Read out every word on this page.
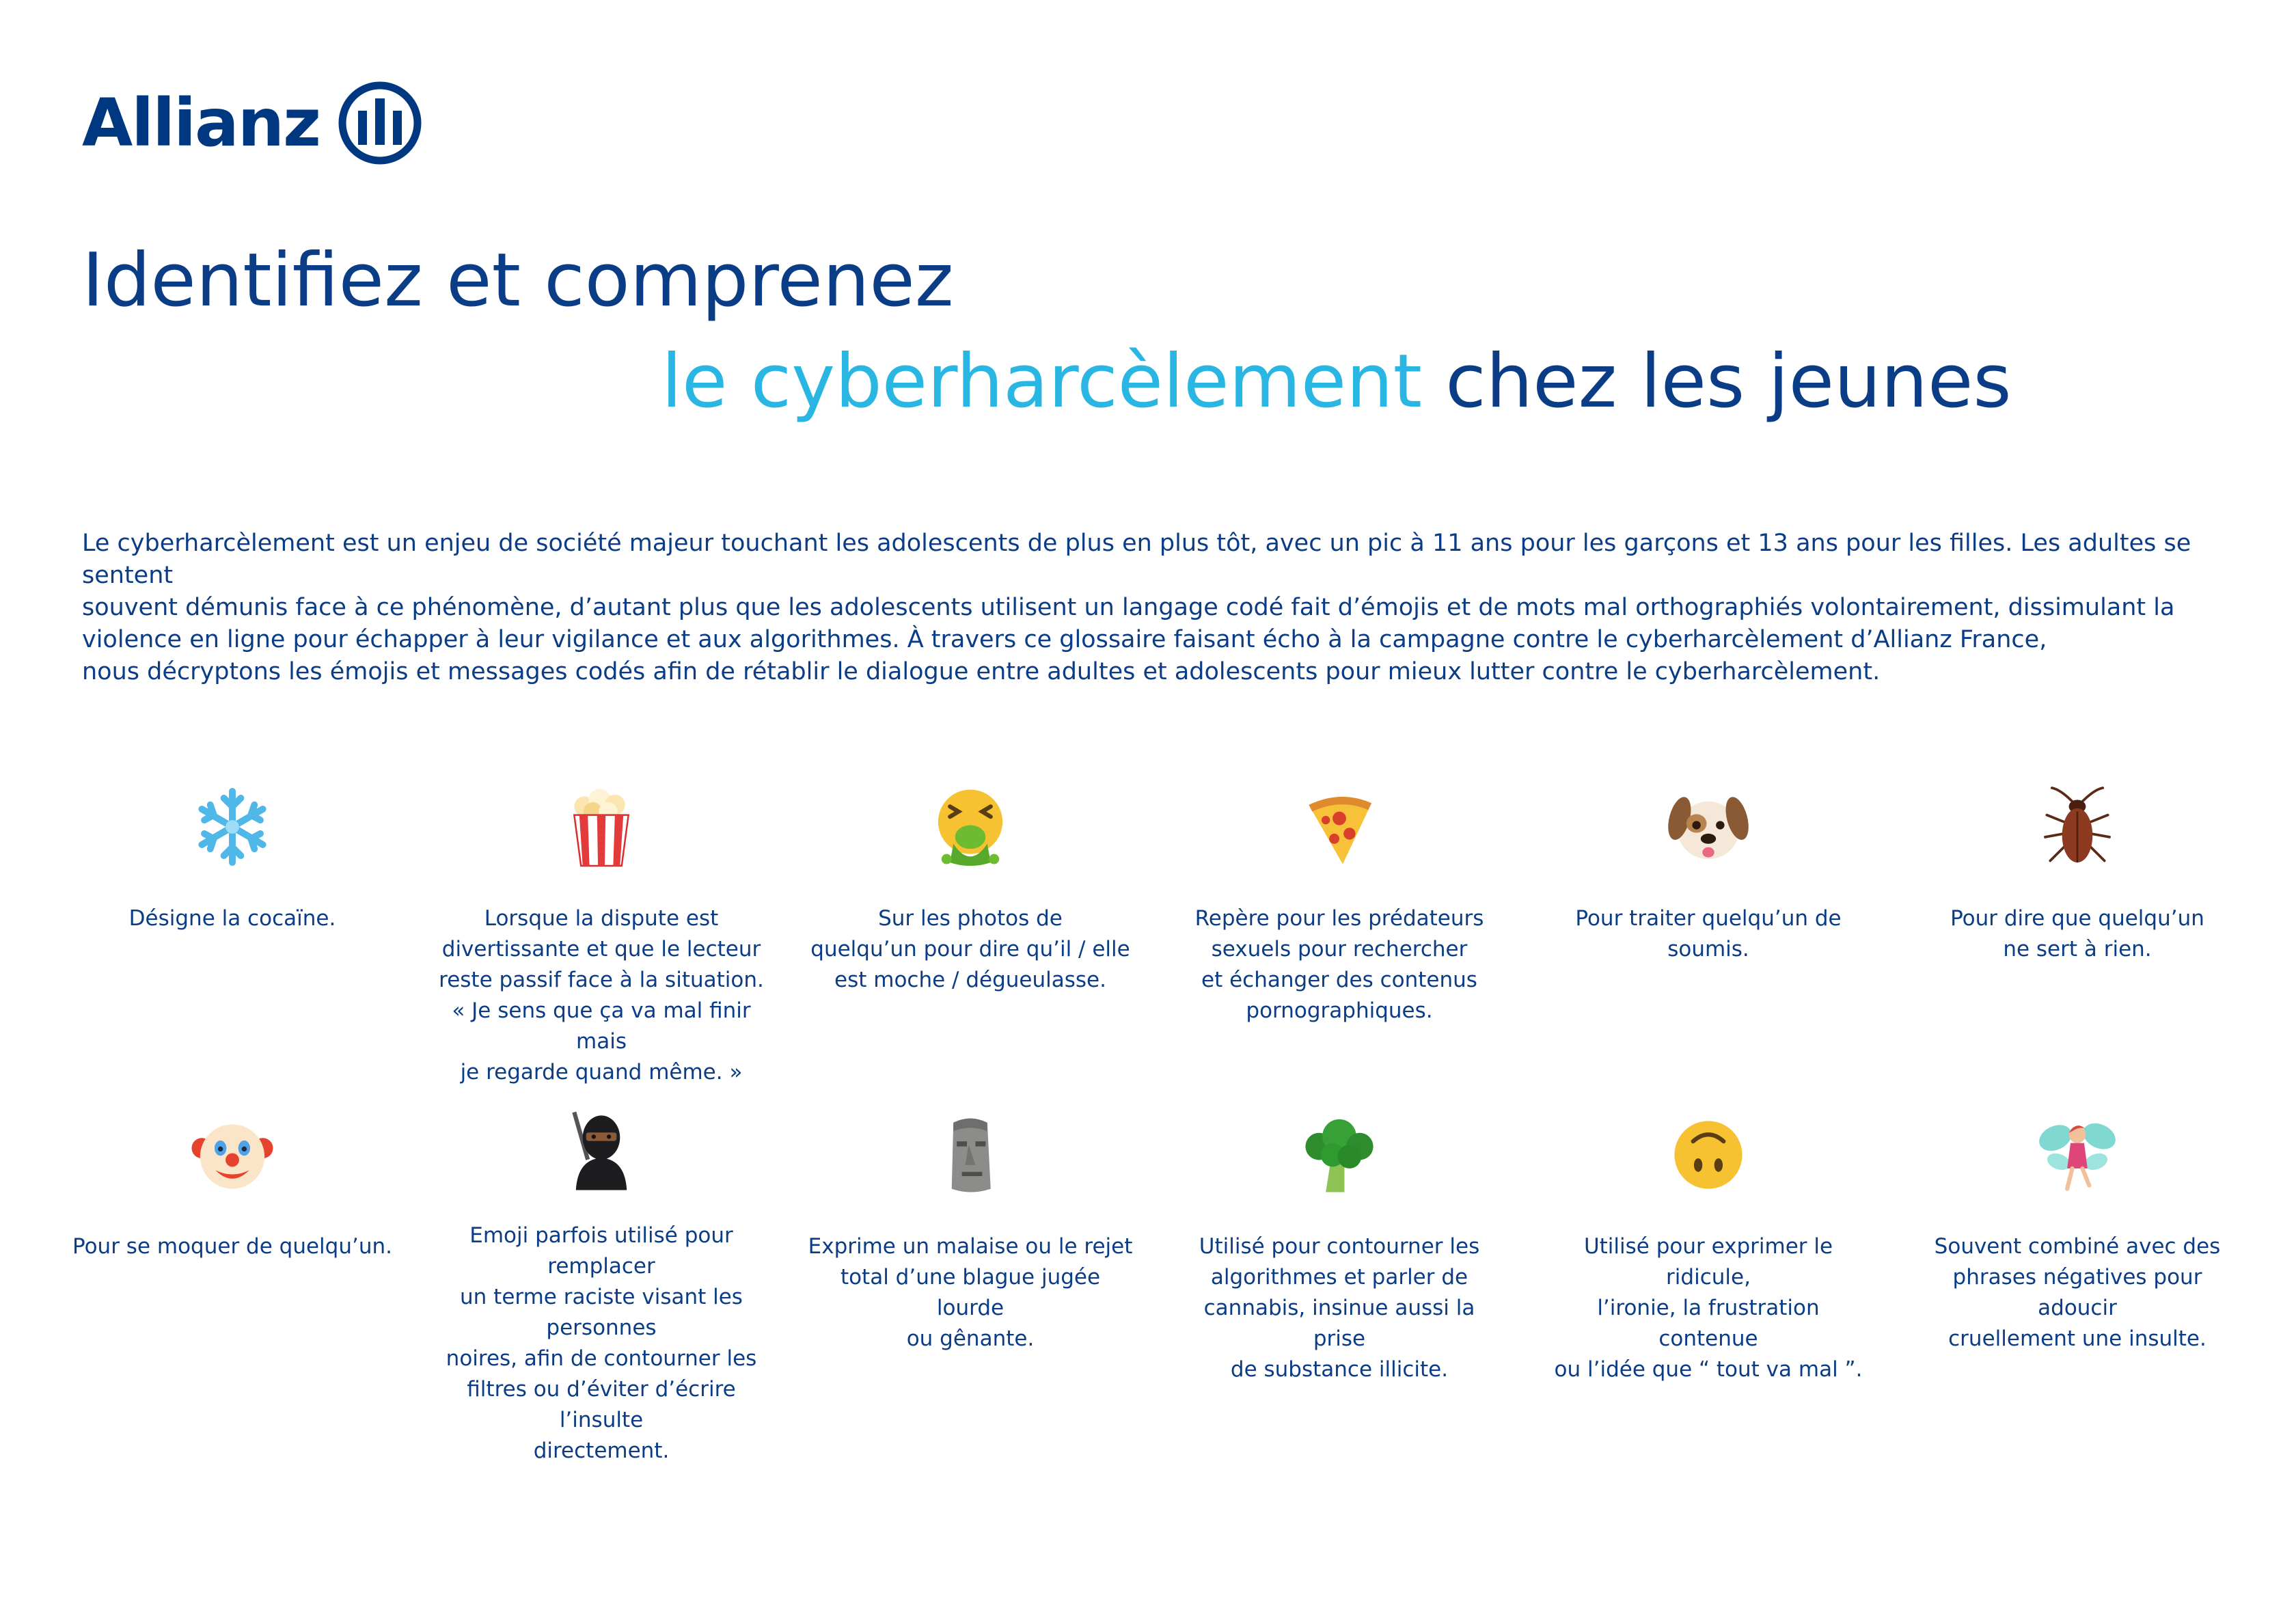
Allianz
Identifiez et comprenez
le cyberharcèlement chez les jeunes

Le cyberharcèlement est un enjeu de société majeur touchant les adolescents de plus en plus tôt, avec un pic à 11 ans pour les garçons et 13 ans pour les filles. Les adultes se sentent

souvent démunis face à ce phénomène, d’autant plus que les adolescents utilisent un langage codé fait d’émojis et de mots mal orthographiés volontairement, dissimulant la

violence en ligne pour échapper à leur vigilance et aux algorithmes. À travers ce glossaire faisant écho à la campagne contre le cyberharcèlement d’Allianz France,

nous décryptons les émojis et messages codés afin de rétablir le dialogue entre adultes et adolescents pour mieux lutter contre le cyberharcèlement.

Désigne la cocaïne.	Lorsque la dispute est
divertissante et que le lecteur
reste passif face à la situation.
« Je sens que ça va mal finir mais
je regarde quand même. »
Sur les photos de
quelqu’un pour dire qu’il / elle
est moche / dégueulasse.
Repère pour les prédateurs
sexuels pour rechercher
et échanger des contenus
pornographiques.
Pour traiter quelqu’un de soumis.
Pour dire que quelqu’un
ne sert à rien.
Pour se moquer de quelqu’un.	Emoji parfois utilisé pour remplacer
un terme raciste visant les personnes
noires, afin de contourner les
filtres ou d’éviter d’écrire l’insulte
directement.
Exprime un malaise ou le rejet
total d’une blague jugée lourde
ou gênante.
Utilisé pour contourner les
algorithmes et parler de
cannabis, insinue aussi la prise
de substance illicite.
Utilisé pour exprimer le ridicule,
l’ironie, la frustration contenue
ou l’idée que “ tout va mal ”.
Souvent combiné avec des
phrases négatives pour adoucir
cruellement une insulte.
